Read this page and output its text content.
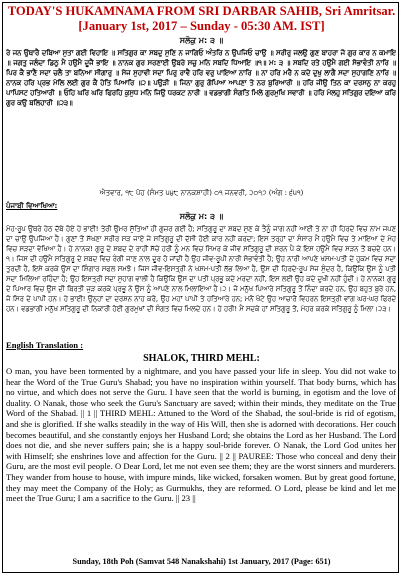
TODAY'S HUKAMNAMA FROM SRI DARBAR SAHIB, Sri Amritsar.
[January 1st, 2017 – Sunday - 05:30 AM. IST]
ਸਲੋਕੁ ਮ: ੩ ॥
ਰੇ ਜਨ ਉਥਾਰੈ ਦਬਿਆ ਸੁਤਾ ਗਈ ਵਿਹਾਇ ॥ ਸਤਿਗੁਰ ਕਾ ਸਬਦੁ ਸੁਣਿ ਨ ਜਾਗਿਓ ਅੰਤਰਿ ਨ ਉਪਜਿਓ ਚਾਉ ॥ ਸਰੀਰੁ ਜਲਉ ਗੁਣ ਬਾਹਰਾ ਜੋ ਗੁਰ ਕਾਰ ਨ ਕਮਾਇ ॥ ਜਗਤੁ ਜਲੰਦਾ ਡਿਠੁ ਮੈ ਹਉਮੈ ਦੂਜੈ ਭਾਇ ॥ ਨਾਨਕ ਗੁਰ ਸਰਣਾਈ ਉਬਰੇ ਸਚੁ ਮਨਿ ਸਬਦਿ ਧਿਆਇ ॥੧॥ ਮ: ੩ ॥ ਸਬਦਿ ਰਤੇ ਹਉਮੈ ਗਈ ਸੋਭਾਵੰਤੀ ਨਾਰਿ ॥ ਪਿਰ ਕੈ ਭਾਣੈ ਸਦਾ ਚਲੈ ਤਾ ਬਨਿਆ ਸੀਗਾਰੁ ॥ ਸੇਜ ਸੁਹਾਵੀ ਸਦਾ ਪਿਰੁ ਰਾਵੈ ਹਰਿ ਵਰੁ ਪਾਇਆ ਨਾਰਿ ॥ ਨਾ ਹਰਿ ਮਰੈ ਨ ਕਦੇ ਦੁਖੁ ਲਾਗੈ ਸਦਾ ਸੁਹਾਗਣਿ ਨਾਰਿ ॥ ਨਾਨਕ ਹਰਿ ਪ੍ਰਭ ਮੇਲਿ ਲਈ ਗੁਰ ਕੈ ਹੇਤਿ ਪਿਆਰਿ ॥੨॥ ਪਉੜੀ ॥ ਜਿਨਾ ਗੁਰੁ ਗੋਪਿਆ ਆਪਣਾ ਤੇ ਨਰ ਬੁਰਿਆਰੀ ॥ ਹਰਿ ਜੀਉ ਤਿਨ ਕਾ ਦਰਸਨੁ ਨਾ ਕਰਹੁ ਪਾਪਿਸਟ ਹਤਿਆਰੀ ॥ ਓਹਿ ਘਰਿ ਘਰਿ ਫਿਰਹਿ ਕੁਸੁਧ ਮਨਿ ਜਿਉ ਧਰਕਟ ਨਾਰੀ ॥ ਵਡਭਾਗੀ ਸੰਗਤਿ ਮਿਲੇ ਗੁਰਮੁਖਿ ਸਵਾਰੀ ॥ ਹਰਿ ਮੇਲਹੁ ਸਤਿਗੁਰ ਦਇਆ ਕਰਿ ਗੁਰ ਕਉ ਬਲਿਹਾਰੀ ॥੨੩॥
ਐਤਵਾਰ, ੧੮ ਪੋਹ (ਸੰਮਤ ੫੪੮ ਨਾਨਕਸ਼ਾਹੀ) ੦੧ ਜਨਵਰੀ, ੨੦੧੭ (ਅੰਗ : ੬੫੧)
ਪੰਜਾਬੀ ਵਿਆਖਿਆ:
ਸਲੋਕੁ ਮ: ੩ ॥
ਮੋਹ-ਰੂਪ ਉਥਰੇ ਹੇਠ ਦੱਬੇ ਹੋਏ ਹੇ ਭਾਈ! ਤੇਰੀ ਉਮਰ ਸੁੱਤਿਆਂ ਹੀ ਗੁਜ਼ਰ ਗਈ ਹੈ; ਸਤਿਗੁਰੂ ਦਾ ਸ਼ਬਦ ਸੁਣ ਕੇ ਤੈਨੂੰ ਜਾਗ ਨਹੀਂ ਆਈ ਤੇ ਨਾ ਹੀ ਹਿਰਦੇ ਵਿਚ ਨਾਮ ਜਪਣ ਦਾ ਚਾਉ ਉਪਜਿਆ ਹੈ। ਗੁਣਾਂ ਤੋਂ ਸੱਖਣਾ ਸਰੀਰ ਸੜ ਜਾਏ ਜੇ ਸਤਿਗੁਰੂ ਦੀ ਦੱਸੀ ਹੋਈ ਕਾਰ ਨਹੀਂ ਕਰਦਾ; ਇਸ ਤਰ੍ਹਾਂ ਦਾ ਸੰਸਾਰ ਮੈਂ ਹਉਮੈ ਵਿਚ ਤੇ ਮਾਇਆ ਦੇ ਮੋਹ ਵਿਚ ਸੜਦਾ ਵੇਖਿਆ ਹੈ। ਹੇ ਨਾਨਕ! ਗੁਰੂ ਦੇ ਸ਼ਬਦ ਦੇ ਰਾਹੀਂ ਸੱਚੇ ਹਰੀ ਨੂੰ ਮਨ ਵਿਚ ਸਿਮਰ ਕੇ ਜੀਵ ਸਤਿਗੁਰੂ ਦੀ ਸ਼ਰਨ ਪੈ ਕੇ ਇਸ ਹਉਮੈ ਵਿਚ ਸੜਨ ਤੋਂ ਬਚਦੇ ਹਨ।੧। ਜਿਸ ਦੀ ਹਉਮੈ ਸਤਿਗੁਰੂ ਦੇ ਸ਼ਬਦ ਵਿਚ ਰੰਗੀ ਜਾਣ ਨਾਲ ਦੂਰ ਹੋ ਜਾਂਦੀ ਹੈ ਉਹ ਜੀਵ-ਰੂਪੀ ਨਾਰੀ ਸੋਭਾਵੰਤੀ ਹੈ; ਉਹ ਨਾਰੀ ਆਪਣੇ ਖਸਮ-ਪਤੀ ਦੇ ਹੁਕਮ ਵਿਚ ਸਦਾ ਤੁਰਦੀ ਹੈ, ਇਸੇ ਕਰਕੇ ਉਸ ਦਾ ਸ਼ਿੰਗਾਰ ਸਫਲ ਸਮਝੋ। ਜਿਸ ਜੀਵ-ਇਸਤ੍ਰੀ ਨੇ ਖਸਮ-ਪਤੀ ਲੱਭ ਲਿਆ ਹੈ, ਉਸ ਦੀ ਹਿਰਦੇ-ਰੂਪ ਸੇਜ ਸੁੰਦਰ ਹੈ, ਕਿਉਂਕਿ ਉਸ ਨੂੰ ਪਤੀ ਸਦਾ ਮਿਲਿਆ ਰਹਿੰਦਾ ਹੈ; ਉਹ ਇਸਤ੍ਰੀ ਸਦਾ ਸੁਹਾਗ ਵਾਲੀ ਹੈ ਕਿਉਂਕਿ ਉਸ ਦਾ ਪਤੀ ਪ੍ਰਭੂ ਕਦੇ ਮਰਦਾ ਨਹੀਂ, ਇਸ ਲਈ ਉਹ ਕਦੇ ਦੁਖੀ ਨਹੀਂ ਹੁੰਦੀ। ਹੇ ਨਾਨਕ! ਗੁਰੂ ਦੇ ਪਿਆਰ ਵਿਚ ਉਸ ਦੀ ਬਿਰਤੀ ਜੁੜ ਕਰਕੇ ਪ੍ਰਭੂ ਨੇ ਉਸ ਨੂੰ ਆਪਣੇ ਨਾਲ ਮਿਲਾਇਆ ਹੈ।੨। ਜੋ ਮਨੁੱਖ ਪਿਆਰੇ ਸਤਿਗੁਰੂ ਤੋਂ ਨਿੰਦਾ ਕਰਦੇ ਹਨ, ਉਹ ਬਹੁਤ ਬੁਰੇ ਹਨ, ਜੋ ਸਿਰ ਦੇ ਪਾਪੀ ਹਨ। ਹੇ ਭਾਈ! ਉਨ੍ਹਾਂ ਦਾ ਦਰਸ਼ਨ ਨਾਹ ਕਰੋ, ਉਹ ਮਹਾਂ ਪਾਪੀ ਤੇ ਹਤਿਆਰੇ ਹਨ; ਮਨੋਂ ਖੋਟੇ ਉਹ ਆਚਾਰੋਂ ਵਿਹਰਨ ਇਸਤ੍ਰੀ ਵਾਂਗ ਘਰ-ਘਰ ਫਿਰਦੇ ਹਨ। ਵਡਭਾਗੀ ਮਨੁੱਖ ਸਤਿਗੁਰੂ ਦੀ ਨਿਕਾਰੀ ਹੋਈ ਗੁਰਮੁਖਾਂ ਦੀ ਸੰਗਤ ਵਿਚ ਮਿਲਦੇ ਹਨ। ਹੇ ਹਰੀ! ਮੈਂ ਸਦਕੇ ਹਾਂ ਸਤਿਗੁਰੂ ਤੋਂ, ਮੇਹਰ ਕਰਕੇ ਸਤਿਗੁਰੂ ਨੂੰ ਮਿਲਾ।੨੩।
English Translation :
SHALOK, THIRD MEHL:
O man, you have been tormented by a nightmare, and you have passed your life in sleep. You did not wake to hear the Word of the True Guru's Shabad; you have no inspiration within yourself. That body burns, which has no virtue, and which does not serve the Guru. I have seen that the world is burning, in egotism and the love of duality. O Nanak, those who seek the Guru's Sanctuary are saved; within their minds, they meditate on the True Word of the Shabad. || 1 || THIRD MEHL: Attuned to the Word of the Shabad, the soul-bride is rid of egotism, and she is glorified. If she walks steadily in the way of His Will, then she is adorned with decorations. Her couch becomes beautiful, and she constantly enjoys her Husband Lord; she obtains the Lord as her Husband. The Lord does not die, and she never suffers pain; she is a happy soul-bride forever. O Nanak, the Lord God unites her with Himself; she enshrines love and affection for the Guru. || 2 || PAUREE: Those who conceal and deny their Guru, are the most evil people. O Dear Lord, let me not even see them; they are the worst sinners and murderers. They wander from house to house, with impure minds, like wicked, forsaken women. But by great good fortune, they may meet the Company of the Holy; as Gurmukhs, they are reformed. O Lord, please be kind and let me meet the True Guru; I am a sacrifice to the Guru. || 23 ||
Sunday, 18th Poh (Samvat 548 Nanakshahi) 1st January, 2017 (Page: 651)
